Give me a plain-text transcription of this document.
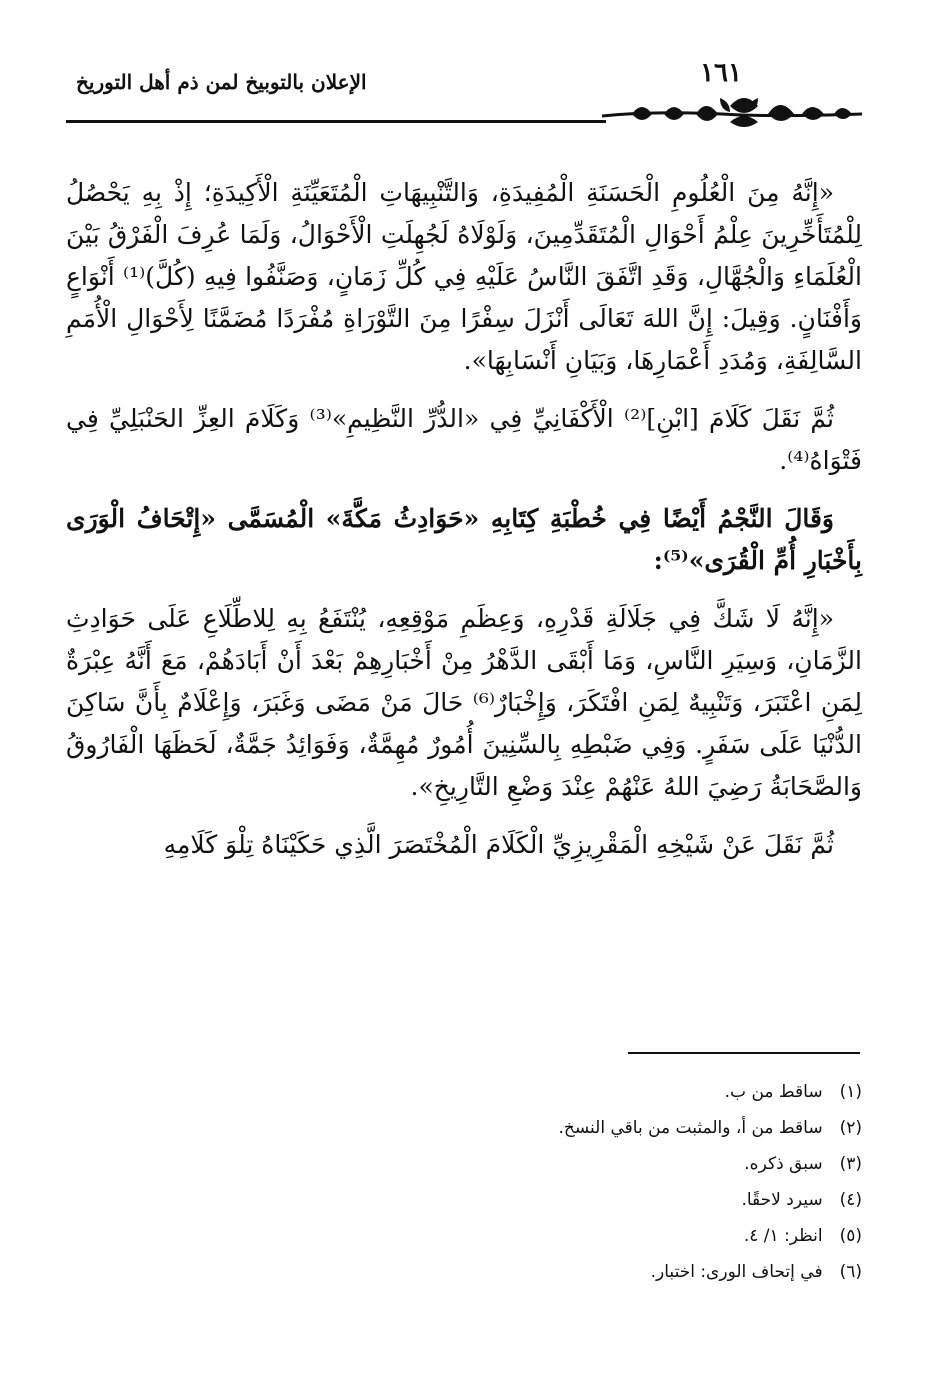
١٦١
الإعلان بالتوبيخ لمن ذم أهل التوريخ

«إِنَّهُ مِنَ الْعُلُومِ الْحَسَنَةِ الْمُفِيدَةِ، وَالتَّنْبِيهَاتِ الْمُتَعَيِّنَةِ الْأَكِيدَةِ؛ إِذْ بِهِ يَحْصُلُ لِلْمُتَأَخِّرِينَ عِلْمُ أَحْوَالِ الْمُتَقَدِّمِينَ، وَلَوْلَاهُ لَجُهِلَتِ الْأَحْوَالُ، وَلَمَا عُرِفَ الْفَرْقُ بَيْنَ الْعُلَمَاءِ وَالْجُهَّالِ، وَقَدِ اتَّفَقَ النَّاسُ عَلَيْهِ فِي كُلِّ زَمَانٍ، وَصَنَّفُوا فِيهِ (كُلَّ)⁽¹⁾ أَنْوَاعٍ وَأَفْنَانٍ. وَقِيلَ: إِنَّ اللهَ تَعَالَى أَنْزَلَ سِفْرًا مِنَ التَّوْرَاةِ مُفْرَدًا مُضَمَّنًا لِأَحْوَالِ الْأُمَمِ السَّالِفَةِ، وَمُدَدِ أَعْمَارِهَا، وَبَيَانِ أَنْسَابِهَا».

ثُمَّ نَقَلَ كَلَامَ [ابْنِ]⁽²⁾ الْأَكْفَانِيِّ فِي «الدُّرِّ النَّظِيمِ»⁽³⁾ وَكَلَامَ العِزِّ الحَنْبَلِيِّ فِي فَتْوَاهُ⁽⁴⁾.

وَقَالَ النَّجْمُ أَيْضًا فِي خُطْبَةِ كِتَابِهِ «حَوَادِثُ مَكَّةَ» الْمُسَمَّى «إِتْحَافُ الْوَرَى بِأَخْبَارِ أُمِّ الْقُرَى»⁽⁵⁾:

«إِنَّهُ لَا شَكَّ فِي جَلَالَةِ قَدْرِهِ، وَعِظَمِ مَوْقِعِهِ، يُنْتَفَعُ بِهِ لِلاطِّلَاعِ عَلَى حَوَادِثِ الزَّمَانِ، وَسِيَرِ النَّاسِ، وَمَا أَبْقَى الدَّهْرُ مِنْ أَخْبَارِهِمْ بَعْدَ أَنْ أَبَادَهُمْ، مَعَ أَنَّهُ عِبْرَةٌ لِمَنِ اعْتَبَرَ، وَتَنْبِيهٌ لِمَنِ افْتَكَرَ، وَإِخْبَارٌ⁽⁶⁾ حَالَ مَنْ مَضَى وَغَبَرَ، وَإِعْلَامٌ بِأَنَّ سَاكِنَ الدُّنْيَا عَلَى سَفَرٍ. وَفِي ضَبْطِهِ بِالسِّنِينَ أُمُورٌ مُهِمَّةٌ، وَفَوَائِدُ جَمَّةٌ، لَحَظَهَا الْفَارُوقُ وَالصَّحَابَةُ رَضِيَ اللهُ عَنْهُمْ عِنْدَ وَضْعِ التَّارِيخِ».

ثُمَّ نَقَلَ عَنْ شَيْخِهِ الْمَقْرِيزِيِّ الْكَلَامَ الْمُخْتَصَرَ الَّذِي حَكَيْنَاهُ تِلْوَ كَلَامِهِ

(١) ساقط من ب.
(٢) ساقط من أ، والمثبت من باقي النسخ.
(٣) سبق ذكره.
(٤) سيرد لاحقًا.
(٥) انظر: ١/ ٤.
(٦) في إتحاف الورى: اختبار.
